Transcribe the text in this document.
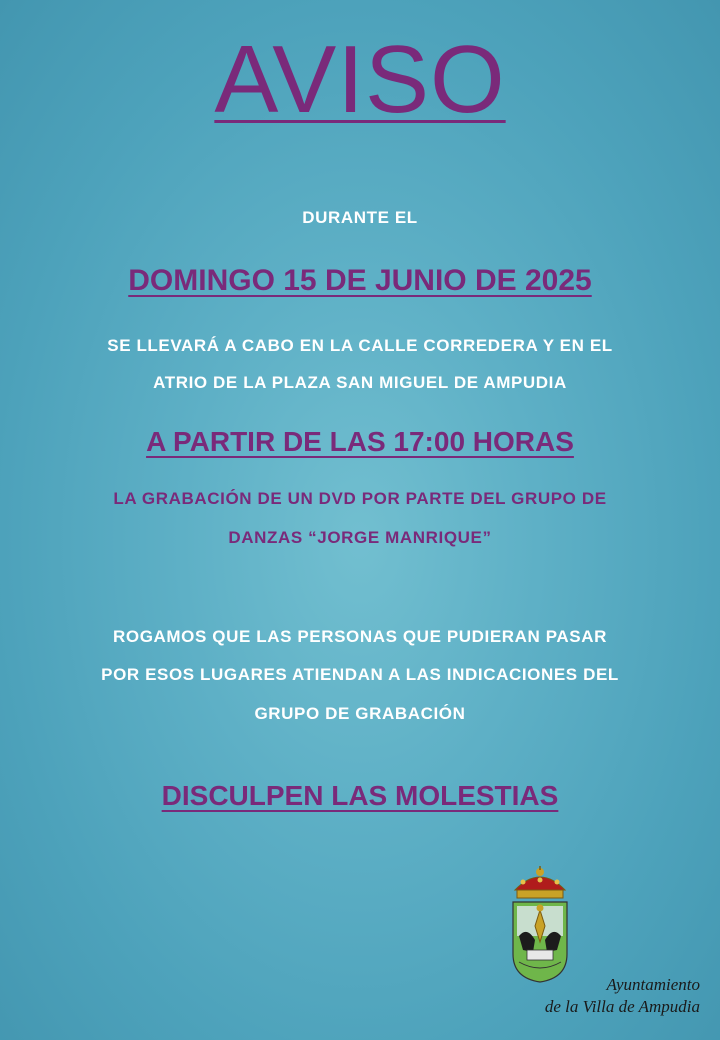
AVISO

DURANTE EL

DOMINGO 15 DE JUNIO DE 2025

SE LLEVARÁ A CABO EN LA CALLE CORREDERA Y EN EL

ATRIO DE LA PLAZA SAN MIGUEL DE AMPUDIA

A PARTIR DE LAS 17:00 HORAS

LA GRABACIÓN DE UN DVD POR PARTE DEL GRUPO DE

DANZAS “JORGE MANRIQUE”

ROGAMOS QUE LAS PERSONAS QUE PUDIERAN PASAR

POR ESOS LUGARES ATIENDAN A LAS INDICACIONES DEL

GRUPO DE GRABACIÓN

DISCULPEN LAS MOLESTIAS

Ayuntamiento
de la Villa de Ampudia
